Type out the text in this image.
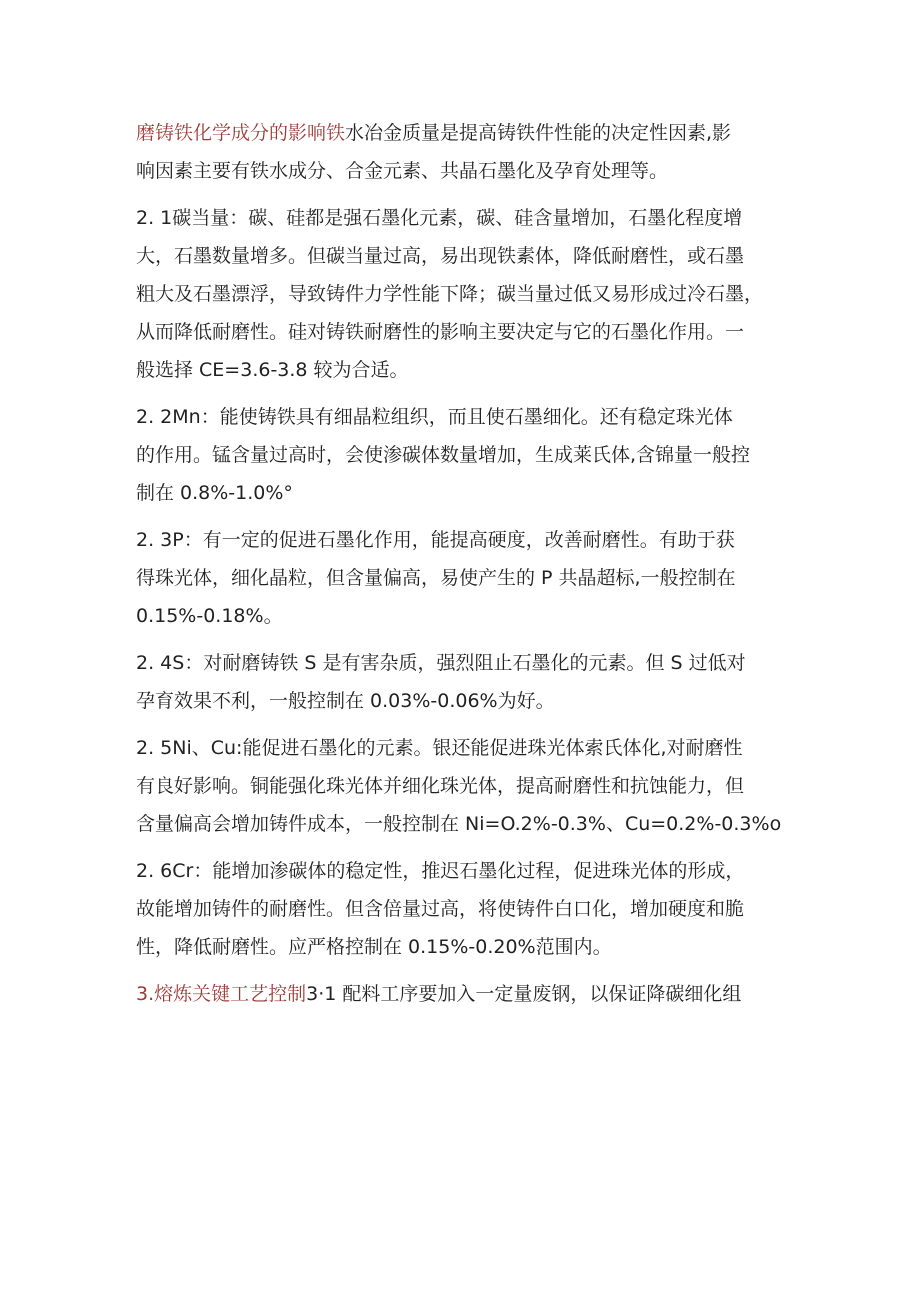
磨铸铁化学成分的影响铁水冶金质量是提高铸铁件性能的决定性因素,影
响因素主要有铁水成分、合金元素、共晶石墨化及孕育处理等。

2. 1碳当量：碳、硅都是强石墨化元素，碳、硅含量增加，石墨化程度增
大，石墨数量增多。但碳当量过高，易出现铁素体，降低耐磨性，或石墨
粗大及石墨漂浮，导致铸件力学性能下降；碳当量过低又易形成过冷石墨，
从而降低耐磨性。硅对铸铁耐磨性的影响主要决定与它的石墨化作用。一
般选择 CE=3.6-3.8 较为合适。

2. 2Mn：能使铸铁具有细晶粒组织，而且使石墨细化。还有稳定珠光体
的作用。锰含量过高时，会使渗碳体数量增加，生成莱氏体,含锦量一般控
制在 0.8%-1.0%°

2. 3P：有一定的促进石墨化作用，能提高硬度，改善耐磨性。有助于获
得珠光体，细化晶粒，但含量偏高，易使产生的 P 共晶超标,一般控制在
0.15%-0.18%。

2. 4S：对耐磨铸铁 S 是有害杂质，强烈阻止石墨化的元素。但 S 过低对
孕育效果不利，一般控制在 0.03%-0.06%为好。

2. 5Ni、Cu:能促进石墨化的元素。银还能促进珠光体索氏体化,对耐磨性
有良好影响。铜能强化珠光体并细化珠光体，提高耐磨性和抗蚀能力，但
含量偏高会增加铸件成本，一般控制在 Ni=O.2%-0.3%、Cu=0.2%-0.3%o

2. 6Cr：能增加渗碳体的稳定性，推迟石墨化过程，促进珠光体的形成，
故能增加铸件的耐磨性。但含倍量过高，将使铸件白口化，增加硬度和脆
性，降低耐磨性。应严格控制在 0.15%-0.20%范围内。

3.熔炼关键工艺控制3·1 配料工序要加入一定量废钢，以保证降碳细化组
